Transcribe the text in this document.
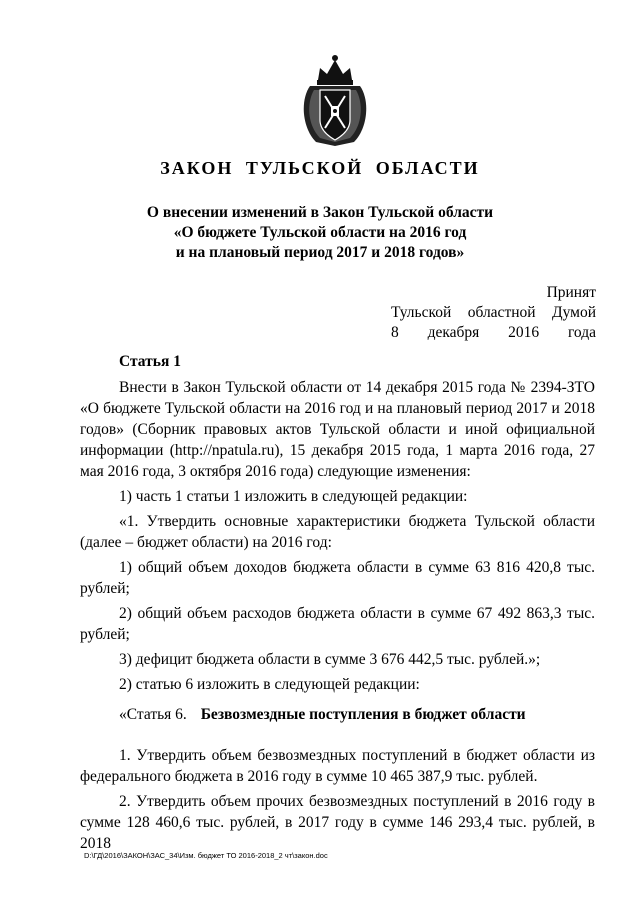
ЗАКОН ТУЛЬСКОЙ ОБЛАСТИ
О внесении изменений в Закон Тульской области
«О бюджете Тульской области на 2016 год
и на плановый период 2017 и 2018 годов»
Принят
Тульской областной Думой
8 декабря 2016 года
Статья 1

Внести в Закон Тульской области от 14 декабря 2015 года № 2394-ЗТО «О бюджете Тульской области на 2016 год и на плановый период 2017 и 2018 годов» (Сборник правовых актов Тульской области и иной официальной информации (http://npatula.ru), 15 декабря 2015 года, 1 марта 2016 года, 27 мая 2016 года, 3 октября 2016 года) следующие изменения:

1) часть 1 статьи 1 изложить в следующей редакции:

«1. Утвердить основные характеристики бюджета Тульской области (далее – бюджет области) на 2016 год:

1) общий объем доходов бюджета области в сумме 63 816 420,8 тыс. рублей;

2) общий объем расходов бюджета области в сумме 67 492 863,3 тыс. рублей;

3) дефицит бюджета области в сумме 3 676 442,5 тыс. рублей.»;

2) статью 6 изложить в следующей редакции:

«Статья 6. Безвозмездные поступления в бюджет области

1. Утвердить объем безвозмездных поступлений в бюджет области из федерального бюджета в 2016 году в сумме 10 465 387,9 тыс. рублей.

2. Утвердить объем прочих безвозмездных поступлений в 2016 году в сумме 128 460,6 тыс. рублей, в 2017 году в сумме 146 293,4 тыс. рублей, в 2018

D:\ГД\2016\ЗАКОН\ЗАС_34\Изм. бюджет ТО 2016-2018_2 чт\закон.doc
